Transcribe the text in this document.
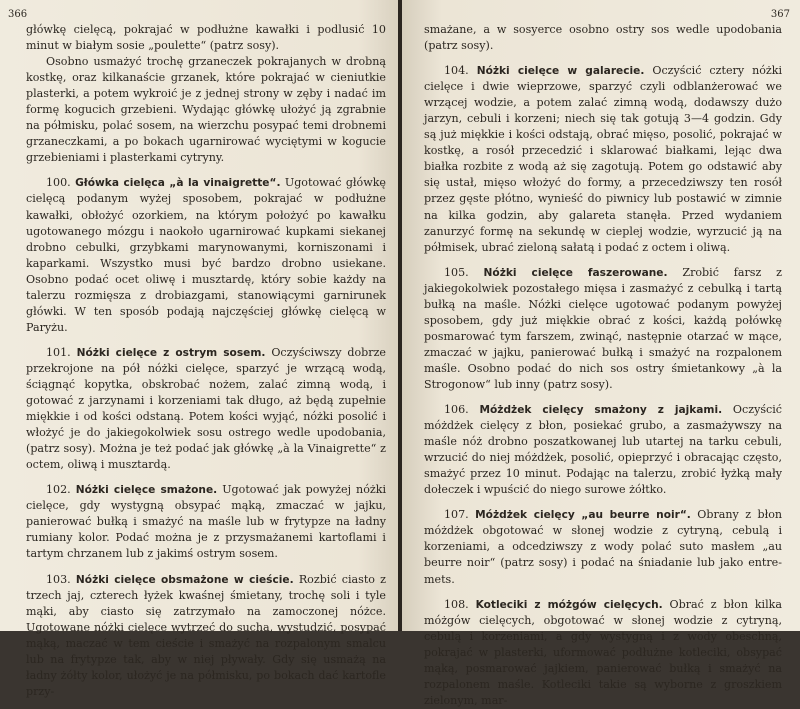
366

główkę cielęcą, pokrajać w podłużne kawałki i podlusić 10 minut w białym sosie „poulette“ (patrz sosy).

Osobno usmażyć trochę grzaneczek pokrajanych w drobną kostkę, oraz kilkanaście grzanek, które pokrajać w cieniutkie plasterki, a potem wykroić je z jednej strony w zęby i nadać im formę kogucich grzebieni. Wydając główkę ułożyć ją zgrabnie na półmisku, polać sosem, na wierzchu posypać temi drobnemi grzaneczkami, a po bokach ugarnirować wyciętymi w kogucie grzebieniami i plasterkami cytryny.

100. Główka cielęca „à la vinaigrette“. Ugotować główkę cielęcą podanym wyżej sposobem, pokrajać w podłużne kawałki, obłożyć ozorkiem, na którym położyć po kawałku ugotowanego mózgu i naokoło ugarnirować kupkami siekanej drobno cebulki, grzybkami marynowanymi, korniszonami i kaparkami. Wszystko musi być bardzo drobno usiekane. Osobno podać ocet oliwę i musztardę, który sobie każdy na talerzu rozmięsza z drobiazgami, stanowiącymi garnirunek główki. W ten sposób podają najczęściej główkę cielęcą w Paryżu.

101. Nóżki cielęce z ostrym sosem. Oczyściwszy dobrze przekrojone na pół nóżki cielęce, sparzyć je wrzącą wodą, ściągnąć kopytka, obskrobać nożem, zalać zimną wodą, i gotować z jarzynami i korzeniami tak długo, aż będą zupełnie miękkie i od kości odstaną. Potem kości wyjąć, nóżki posolić i włożyć je do jakiegokolwiek sosu ostrego wedle upodobania, (patrz sosy). Można je też podać jak główkę „à la Vinaigrette“ z octem, oliwą i musztardą.

102. Nóżki cielęce smażone. Ugotować jak powyżej nóżki cielęce, gdy wystygną obsypać mąką, zmaczać w jajku, panierować bułką i smażyć na maśle lub w frytурze na ładny rumiany kolor. Podać można je z przysmażanemi kartoflami i tartym chrzanem lub z jakimś ostrym sosem.

103. Nóżki cielęce obsmażone w cieście. Rozbić ciasto z trzech jaj, czterech łyżek kwaśnej śmietany, trochę soli i tyle mąki, aby ciasto się zatrzymało na zamoczonej nóżce. Ugotowane nóżki cielęce wytrzeć do sucha, wystudzić, posypać mąką, maczać w tem cieście i smażyć na rozpalonym smalcu lub na frytурze tak, aby w niej pływały. Gdy się usmażą na ładny żółty kolor, ułożyć je na półmisku, po bokach dać kartofle przy-

367

smażane, a w sosyerce osobno ostry sos wedle upodobania (patrz sosy).

104. Nóżki cielęce w galarecie. Oczyścić cztery nóżki cielęce i dwie wieprzowe, sparzyć czyli odblanżerować we wrzącej wodzie, a potem zalać zimną wodą, dodawszy dużo jarzyn, cebuli i korzeni; niech się tak gotują 3—4 godzin. Gdy są już miękkie i kości odstają, obrać mięso, posolić, pokrajać w kostkę, a rosół przecedzić i sklarować białkami, lejąc dwa białka rozbite z wodą aż się zagotują. Potem go odstawić aby się ustał, mięso włożyć do formy, a przecedziwszy ten rosół przez gęste płótno, wynieść do piwnicy lub postawić w zimnie na kilka godzin, aby galareta stanęła. Przed wydaniem zanurzyć formę na sekundę w cieplej wodzie, wyrzucić ją na półmisek, ubrać zieloną sałatą i podać z octem i oliwą.

105. Nóżki cielęce faszerowane. Zrobić farsz z jakiegokolwiek pozostałego mięsa i zasmażyć z cebulką i tartą bułką na maśle. Nóżki cielęce ugotować podanym powyżej sposobem, gdy już miękkie obrać z kości, każdą połówkę posmarować tym farszem, zwinąć, następnie otarzać w mące, zmaczać w jajku, panierować bułką i smażyć na rozpalonem maśle. Osobno podać do nich sos ostry śmietankowy „à la Strogonow“ lub inny (patrz sosy).

106. Móżdżek cielęcy smażony z jajkami. Oczyścić móżdżek cielęcy z błon, posiekać grubo, a zasmażywszy na maśle nóż drobno poszatkowanej lub utartej na tarku cebuli, wrzucić do niej móżdżek, posolić, opieprzyć i obracając często, smażyć przez 10 minut. Podając na talerzu, zrobić łyżką mały dołeczek i wpuścić do niego surowe żółtko.

107. Móżdżek cielęcy „au beurre noir“. Obrany z błon móżdżek obgotować w słonej wodzie z cytryną, cebulą i korzeniami, a odcedziwszy z wody polać suto masłem „au beurre noir“ (patrz sosy) i podać na śniadanie lub jako entre-mets.

108. Kotleciki z móżgów cielęcych. Obrać z błon kilka móżgów cielęcych, obgotować w słonej wodzie z cytryną, cebulą i korzeniami, a gdy wystygną i z wody obeschną, pokrajać w plasterki, uformować podłużne kotleciki, obsypać mąką, posmarować jajkiem, panierować bułką i smażyć na rozpalonem maśle. Kotleciki takie są wyborne z groszkiem zielonym, mar-
